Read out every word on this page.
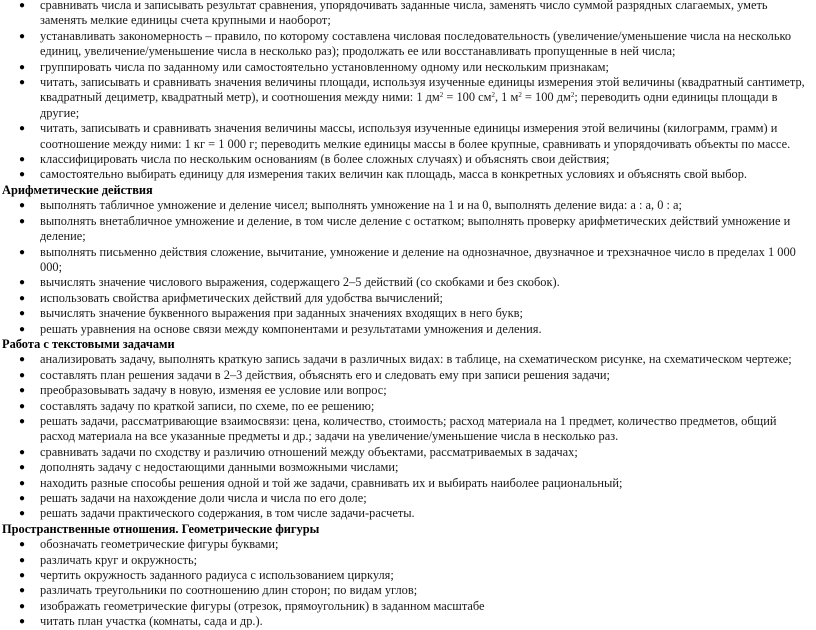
● сравнивать числа и записывать результат сравнения, упорядочивать заданные числа, заменять число суммой разрядных слагаемых, уметь заменять мелкие единицы счета крупными и наоборот;
● устанавливать закономерность – правило, по которому составлена числовая последовательность (увеличение/уменьшение числа на несколько единиц, увеличение/уменьшение числа в несколько раз); продолжать ее или восстанавливать пропущенные в ней числа;
● группировать числа по заданному или самостоятельно установленному одному или нескольким признакам;
● читать, записывать и сравнивать значения величины площади, используя изученные единицы измерения этой величины (квадратный сантиметр, квадратный дециметр, квадратный метр), и соотношения между ними: 1 $дм^2 = 100$ $см^2$, 1 $м^2 = 100$ $дм^2$; переводить одни единицы площади в другие;
● читать, записывать и сравнивать значения величины массы, используя изученные единицы измерения этой величины (килограмм, грамм) и соотношение между ними: 1 кг = 1 000 г; переводить мелкие единицы массы в более крупные, сравнивать и упорядочивать объекты по массе.
● классифицировать числа по нескольким основаниям (в более сложных случаях) и объяснять свои действия;
● самостоятельно выбирать единицу для измерения таких величин как площадь, масса в конкретных условиях и объяснять свой выбор.
Арифметические действия
● выполнять табличное умножение и деление чисел; выполнять умножение на 1 и на 0, выполнять деление вида: а : а, 0 : а;
● выполнять внетабличное умножение и деление, в том числе деление с остатком; выполнять проверку арифметических действий умножение и деление;
● выполнять письменно действия сложение, вычитание, умножение и деление на однозначное, двузначное и трехзначное число в пределах 1 000 000;
● вычислять значение числового выражения, содержащего 2–5 действий (со скобками и без скобок).
● использовать свойства арифметических действий для удобства вычислений;
● вычислять значение буквенного выражения при заданных значениях входящих в него букв;
● решать уравнения на основе связи между компонентами и результатами умножения и деления.
Работа с текстовыми задачами
● анализировать задачу, выполнять краткую запись задачи в различных видах: в таблице, на схематическом рисунке, на схематическом чертеже;
● составлять план решения задачи в 2–3 действия, объяснять его и следовать ему при записи решения задачи;
● преобразовывать задачу в новую, изменяя ее условие или вопрос;
● составлять задачу по краткой записи, по схеме, по ее решению;
● решать задачи, рассматривающие взаимосвязи: цена, количество, стоимость; расход материала на 1 предмет, количество предметов, общий расход материала на все указанные предметы и др.; задачи на увеличение/уменьшение числа в несколько раз.
● сравнивать задачи по сходству и различию отношений между объектами, рассматриваемых в задачах;
● дополнять задачу с недостающими данными возможными числами;
● находить разные способы решения одной и той же задачи, сравнивать их и выбирать наиболее рациональный;
● решать задачи на нахождение доли числа и числа по его доле;
● решать задачи практического содержания, в том числе задачи-расчеты.
Пространственные отношения. Геометрические фигуры
● обозначать геометрические фигуры буквами;
● различать круг и окружность;
● чертить окружность заданного радиуса с использованием циркуля;
● различать треугольники по соотношению длин сторон; по видам углов;
● изображать геометрические фигуры (отрезок, прямоугольник) в заданном масштабе
● читать план участка (комнаты, сада и др.).
